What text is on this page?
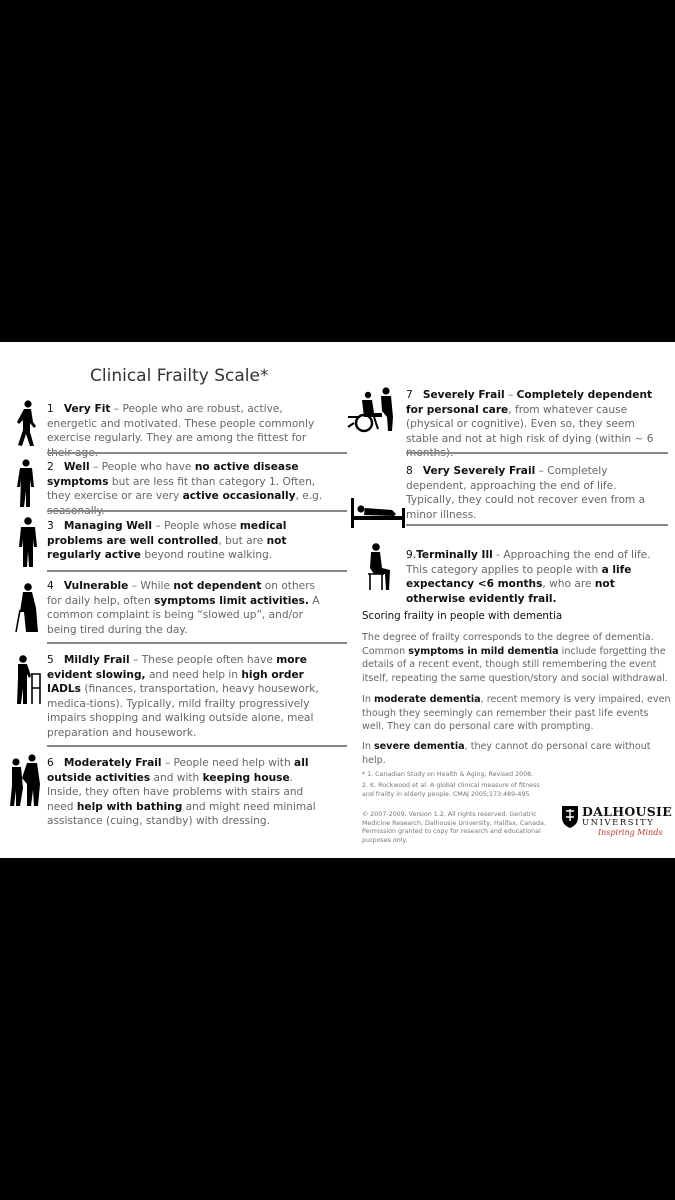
Clinical Frailty Scale*
1 Very Fit – People who are robust, active, energetic and motivated. These people commonly exercise regularly. They are among the fittest for
2 Well – People who have no active disease symptoms but are less fit than category 1. Often, they exercise or are very active occasionally, e.g.
3 Managing Well – People whose medical problems are well controlled, but are not regularly active beyond routine walking.
4 Vulnerable – While not dependent on others for daily help, often symptoms limit activities. A common complaint is being “slowed up”, and/or being tired during the day.
5 Mildly Frail – These people often have more evident slowing, and need help in high order IADLs (finances, transportation, heavy housework, medica-tions). Typically, mild frailty progressively impairs shopping and walking outside alone, meal preparation and housework.
6 Moderately Frail – People need help with all outside activities and with keeping house. Inside, they often have problems with stairs and need help with bathing and might need minimal assistance (cuing, standby) with dressing.
7 Severely Frail – Completely dependent for personal care, from whatever cause (physical or cognitive). Even so, they seem stable and not at high risk of dying (within ~ 6
8 Very Severely Frail – Completely dependent, approaching the end of life. Typically, they could not recover even from a minor illness.
9.Terminally Ill - Approaching the end of life. This category applies to people with a life expectancy <6 months, who are not otherwise evidently frail.
Scoring frailty in people with dementia
The degree of frailty corresponds to the degree of dementia. Common symptoms in mild dementia include forgetting the details of a recent event, though still remembering the event itself, repeating the same question/story and social withdrawal.
In moderate dementia, recent memory is very impaired, even though they seemingly can remember their past life events well. They can do personal care with prompting.
In severe dementia, they cannot do personal care without help.
* 1. Canadian Study on Health & Aging, Revised 2008.
2. K. Rockwood et al. A global clinical measure of fitness and frailty in elderly people. CMAJ 2005;173:489-495.
© 2007-2009. Version 1.2. All rights reserved. Geriatric Medicine Research, Dalhousie University, Halifax, Canada. Permission granted to copy for research and educational purposes only.
DALHOUSIE
UNIVERSITY
Inspiring Minds
